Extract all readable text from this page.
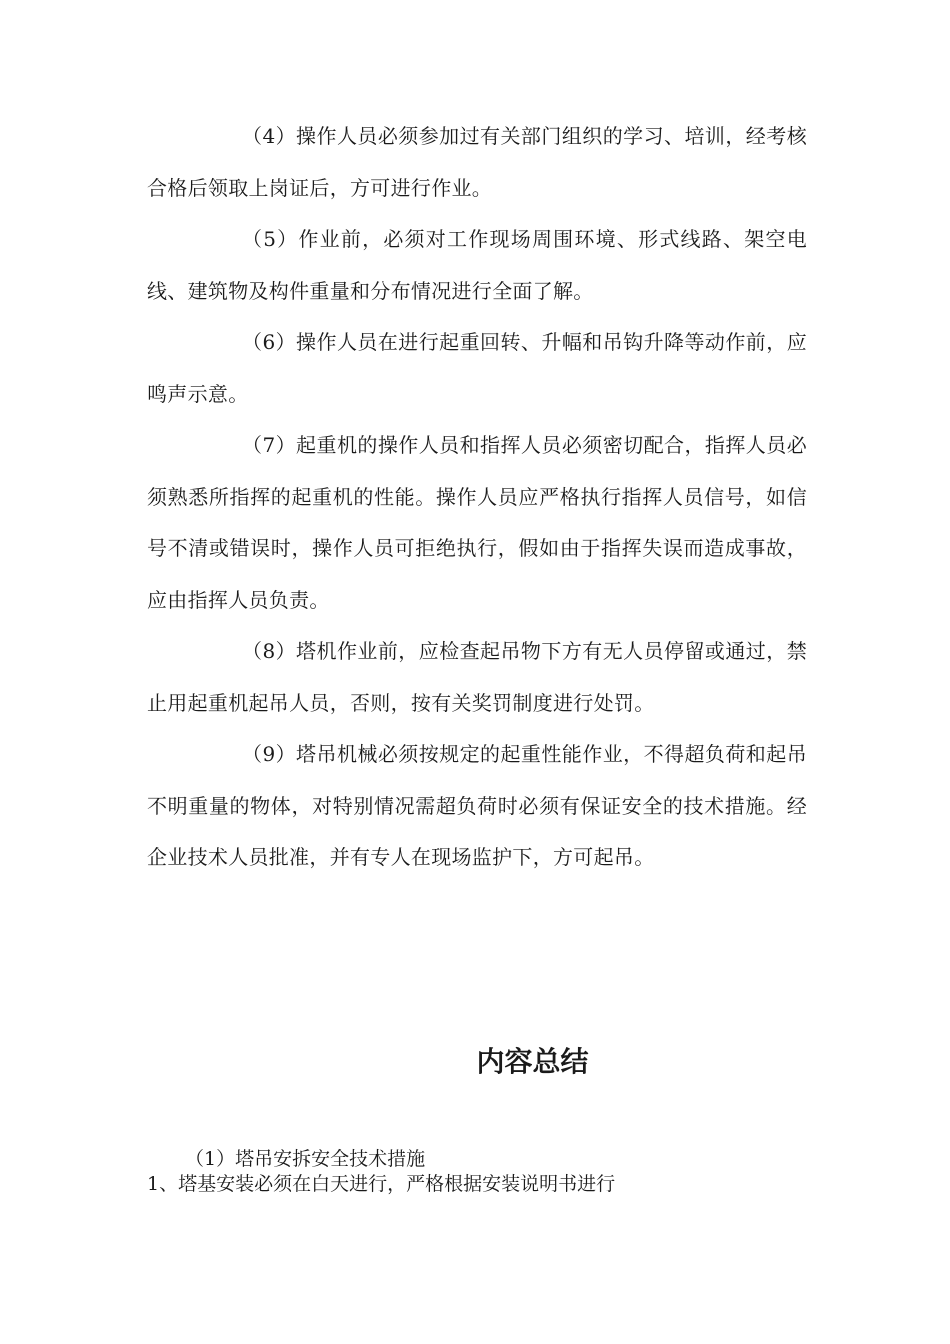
（4）操作人员必须参加过有关部门组织的学习、培训，经考核合格后领取上岗证后，方可进行作业。

（5）作业前，必须对工作现场周围环境、形式线路、架空电线、建筑物及构件重量和分布情况进行全面了解。

（6）操作人员在进行起重回转、升幅和吊钩升降等动作前，应鸣声示意。

（7）起重机的操作人员和指挥人员必须密切配合，指挥人员必须熟悉所指挥的起重机的性能。操作人员应严格执行指挥人员信号，如信号不清或错误时，操作人员可拒绝执行，假如由于指挥失误而造成事故，应由指挥人员负责。

（8）塔机作业前，应检查起吊物下方有无人员停留或通过，禁止用起重机起吊人员，否则，按有关奖罚制度进行处罚。

（9）塔吊机械必须按规定的起重性能作业，不得超负荷和起吊不明重量的物体，对特别情况需超负荷时必须有保证安全的技术措施。经企业技术人员批准，并有专人在现场监护下，方可起吊。

内容总结

（1）塔吊安拆安全技术措施

1、塔基安装必须在白天进行，严格根据安装说明书进行
